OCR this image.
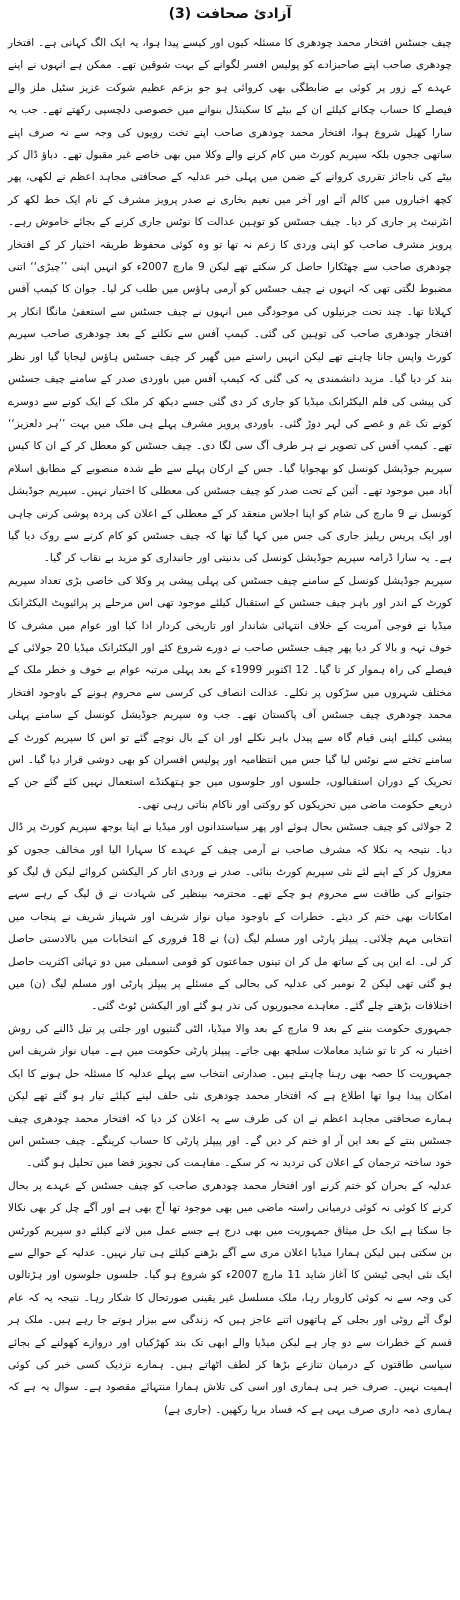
آزادیٔ صحافت (3)

چیف جسٹس افتخار محمد چودھری کا مسئلہ کیوں اور کیسے پیدا ہوا، یہ ایک الگ کہانی ہے۔ افتخار چودھری صاحب اپنے صاحبزادے کو پولیس افسر لگوانے کے بہت شوقین تھے۔ ممکن ہے انہوں نے اپنے عہدے کے زور پر کوئی بے ضابطگی بھی کروائی ہو جو بزعم عظیم شوکت عزیز سٹیل ملز والے فیصلے کا حساب چکانے کیلئے ان کے بیٹے کا سکینڈل بنوانے میں خصوصی دلچسپی رکھتے تھے۔ جب یہ سارا کھیل شروع ہوا، افتخار محمد چودھری صاحب اپنے تخت رویوں کی وجہ سے نہ صرف اپنے ساتھی ججوں بلکہ سپریم کورٹ میں کام کرنے والے وکلا میں بھی خاصے غیر مقبول تھے۔ دباؤ ڈال کر بیٹے کی ناجائز تقرری کروانے کے ضمن میں پہلی خبر عدلیہ کے صحافتی مجاہد اعظم نے لکھی، پھر کچھ اخباروں میں کالم آئے اور آخر میں نعیم بخاری نے صدر پرویز مشرف کے نام ایک خط لکھ کر انٹرنیٹ پر جاری کر دیا۔ چیف جسٹس کو توہین عدالت کا نوٹس جاری کرنے کے بجائے خاموش رہے۔ پرویز مشرف صاحب کو اپنی وردی کا زعم نہ تھا تو وہ کوئی محفوظ طریقہ اختیار کر کے افتخار چودھری صاحب سے چھٹکارا حاصل کر سکتے تھے لیکن 9 مارچ 2007ء کو انہیں اپنی ’’چیڑی‘‘ اتنی مضبوط لگتی تھی کہ انہوں نے چیف جسٹس کو آرمی ہاؤس میں طلب کر لیا۔ جوان کا کیمپ آفس کہلاتا تھا۔ چند تحت جرنیلوں کی موجودگی میں انہوں نے چیف جسٹس سے استعفیٰ مانگا انکار پر افتخار چودھری صاحب کی توہین کی گئی۔ کیمپ آفس سے نکلنے کے بعد چودھری صاحب سپریم کورٹ واپس جانا چاہتے تھے لیکن انہیں راستے میں گھیر کر چیف جسٹس ہاؤس لیجایا گیا اور نظر بند کر دیا گیا۔ مزید دانشمندی یہ کی گئی کہ کیمپ آفس میں باوردی صدر کے سامنے چیف جسٹس کی پیشی کی فلم الیکٹرانک میڈیا کو جاری کر دی گئی جسے دیکھ کر ملک کے ایک کونے سے دوسرے کونے تک غم و غصے کی لہر دوڑ گئی۔ باوردی پرویز مشرف پہلے ہی ملک میں بہت ’’ہر دلعزیز‘‘ تھے۔ کیمپ آفس کی تصویر نے ہر طرف آگ سی لگا دی۔ چیف جسٹس کو معطل کر کے ان کا کیس سپریم جوڈیشل کونسل کو بھجوایا گیا۔ جس کے ارکان پہلے سے طے شدہ منصوبے کے مطابق اسلام آباد میں موجود تھے۔ آئین کے تحت صدر کو چیف جسٹس کی معطلی کا اختیار نہیں۔ سپریم جوڈیشل کونسل نے 9 مارچ کی شام کو اپنا اجلاس منعقد کر کے معطلی کے اعلان کی پردہ پوشی کرنی چاہی اور ایک پریس ریلیز جاری کی جس میں کہا گیا تھا کہ چیف جسٹس کو کام کرنے سے روک دیا گیا ہے۔ یہ سارا ڈرامہ سپریم جوڈیشل کونسل کی بدنیتی اور جانبداری کو مزید بے نقاب کر گیا۔

سپریم جوڈیشل کونسل کے سامنے چیف جسٹس کی پہلی پیشی پر وکلا کی خاصی بڑی تعداد سپریم کورٹ کے اندر اور باہر چیف جسٹس کے استقبال کیلئے موجود تھی اس مرحلے پر پرائیویٹ الیکٹرانک میڈیا نے فوجی آمریت کے خلاف انتہائی شاندار اور تاریخی کردار ادا کیا اور عوام میں مشرف کا خوف تہہ و بالا کر دیا پھر چیف جسٹس صاحب نے دورے شروع کئے اور الیکٹرانک میڈیا 20 جولائی کے فیصلے کی راہ ہموار کر تا گیا۔ 12 اکتوبر 1999ء کے بعد پہلی مرتبہ عوام بے خوف و خطر ملک کے مختلف شہروں میں سڑکوں پر نکلے۔ عدالت انصاف کی کرسی سے محروم ہونے کے باوجود افتخار محمد چودھری چیف جسٹس آف پاکستان تھے۔ جب وہ سپریم جوڈیشل کونسل کے سامنے پہلی پیشی کیلئے اپنی قیام گاہ سے پیدل باہر نکلے اور ان کے بال نوچے گئے تو اس کا سپریم کورٹ کے سامنے تختے سے نوٹس لیا گیا جس میں انتظامیہ اور پولیس افسران کو بھی دوشی قرار دیا گیا۔ اس تحریک کے دوران استقبالوں، جلسوں اور جلوسوں میں جو ہتھکنڈے استعمال نہیں کئے گئے جن کے ذریعے حکومت ماضی میں تحریکوں کو روکتی اور ناکام بناتی رہی تھی۔

2 جولائی کو چیف جسٹس بحال ہوئے اور پھر سیاستدانوں اور میڈیا نے اپنا بوجھ سپریم کورٹ پر ڈال دیا۔ نتیجہ یہ نکلا کہ مشرف صاحب نے آرمی چیف کے عہدے کا سہارا الیا اور مخالف ججوں کو معزول کر کے اپنے لئے نئی سپریم کورٹ بنائی۔ صدر نے وردی اتار کر الیکشن کروائے لیکن ق لیگ کو جتوانے کی طاقت سے محروم ہو چکے تھے۔ محترمہ بینظیر کی شہادت نے ق لیگ کے رہے سہے امکانات بھی ختم کر دیئے۔ خطرات کے باوجود میاں نواز شریف اور شہباز شریف نے پنجاب میں انتخابی مہم چلائی۔ پیپلز پارٹی اور مسلم لیگ (ن) نے 18 فروری کے انتخابات میں بالادستی حاصل کر لی۔ اے این پی کے ساتھ مل کر ان تینوں جماعتوں کو قومی اسمبلی میں دو تہائی اکثریت حاصل ہو گئی تھی لیکن 2 نومبر کی عدلیہ کی بحالی کے مسئلے پر پیپلز پارٹی اور مسلم لیگ (ن) میں اختلافات بڑھتے چلے گئے۔ معاہدے مجبوریوں کی نذر ہو گئے اور الیکشن ٹوٹ گئی۔

جمہوری حکومت بننے کے بعد 9 مارچ کے بعد والا میڈیا، الٹی گنتیوں اور جلتی پر تیل ڈالنے کی روش اختیار نہ کر تا تو شاید معاملات سلجھ بھی جاتے۔ پیپلز پارٹی حکومت میں ہے۔ میاں نواز شریف اس جمہوریت کا حصہ بھی رہنا چاہتے ہیں۔ صدارتی انتخاب سے پہلے عدلیہ کا مسئلہ حل ہونے کا ایک امکان پیدا ہوا تھا اطلاع ہے کہ افتخار محمد چودھری نئی حلف لینے کیلئے تیار ہو گئے تھے لیکن ہمارے صحافتی مجاہد اعظم نے ان کی طرف سے یہ اعلان کر دیا کہ افتخار محمد چودھری چیف جسٹس بنتے کے بعد این آر او ختم کر دیں گے۔ اور پیپلز پارٹی کا حساب کرینگے۔ چیف جسٹس اس خود ساختہ ترجمان کے اعلان کی تردید نہ کر سکے۔ مفاہمت کی تجویز فضا میں تحلیل ہو گئی۔

عدلیہ کے بحران کو ختم کرنے اور افتخار محمد چودھری صاحب کو چیف جسٹس کے عہدے پر بحال کرنے کا کوئی نہ کوئی درمیانی راستہ ماضی میں بھی موجود تھا آج بھی ہے اور آگے چل کر بھی نکالا جا سکتا ہے ایک حل میثاق جمہوریت میں بھی درج ہے جسے عمل میں لانے کیلئے دو سپریم کورٹس بن سکتی ہیں لیکن ہمارا میڈیا اعلان مری سے آگے بڑھنے کیلئے ہی تیار نہیں۔ عدلیہ کے حوالے سے ایک نئی ایجی ٹیشن کا آغاز شاید 11 مارچ 2007ء کو شروع ہو گیا۔ جلسوں جلوسوں اور ہڑتالوں کی وجہ سے نہ کوئی کاروبار رہا، ملک مسلسل غیر یقینی صورتحال کا شکار رہا۔ نتیجہ یہ کہ عام لوگ آٹے روٹی اور بجلی کے ہاتھوں اتنے عاجز ہیں کہ زندگی سے بیزار ہوتے جا رہے ہیں۔ ملک ہر قسم کے خطرات سے دو چار ہے لیکن میڈیا والے ابھی تک بند کھڑکیاں اور دروازے کھولنے کے بجائے سیاسی طاقتوں کے درمیان تنازعے بڑھا کر لطف اٹھاتے ہیں۔ ہمارے نزدیک کسی خبر کی کوئی اہمیت نہیں۔ صرف خبر ہی ہماری اور اسی کی تلاش ہمارا منتہائے مقصود ہے۔ سوال یہ ہے کہ ہماری ذمہ داری صرف یہی ہے کہ فساد برپا رکھیں۔ (جاری ہے)
